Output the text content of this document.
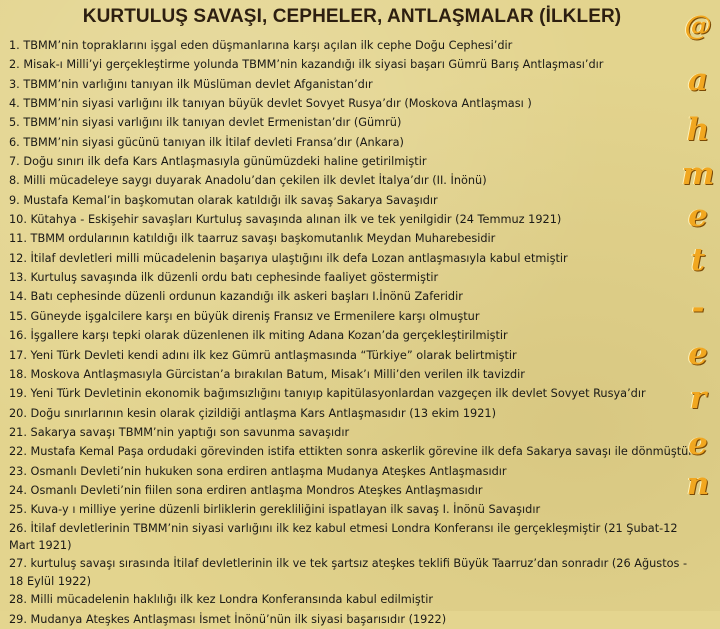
KURTULUŞ SAVAŞI, CEPHELER, ANTLAŞMALAR (İLKLER)
1. TBMM’nin topraklarını işgal eden düşmanlarına karşı açılan ilk cephe Doğu Cephesi’dir
2. Misak-ı Milli’yi gerçekleştirme yolunda TBMM’nin kazandığı ilk siyasi başarı Gümrü Barış Antlaşması’dır
3. TBMM’nin varlığını tanıyan ilk Müslüman devlet Afganistan’dır
4. TBMM’nin siyasi varlığını ilk tanıyan büyük devlet Sovyet Rusya’dır (Moskova Antlaşması )
5. TBMM’nin siyasi varlığını ilk tanıyan devlet Ermenistan’dır (Gümrü)
6. TBMM’nin siyasi gücünü tanıyan ilk İtilaf devleti Fransa’dır (Ankara)
7. Doğu sınırı ilk defa Kars Antlaşmasıyla günümüzdeki haline getirilmiştir
8. Milli mücadeleye saygı duyarak Anadolu’dan çekilen ilk devlet İtalya’dır (II. İnönü)
9. Mustafa Kemal’in başkomutan olarak katıldığı ilk savaş Sakarya Savaşıdır
10. Kütahya - Eskişehir savaşları Kurtuluş savaşında alınan ilk ve tek yenilgidir (24 Temmuz 1921)
11. TBMM ordularının katıldığı ilk taarruz savaşı başkomutanlık Meydan Muharebesidir
12. İtilaf devletleri milli mücadelenin başarıya ulaştığını ilk defa Lozan antlaşmasıyla kabul etmiştir
13. Kurtuluş savaşında ilk düzenli ordu batı cephesinde faaliyet göstermiştir
14. Batı cephesinde düzenli ordunun kazandığı ilk askeri başları I.İnönü Zaferidir
15. Güneyde işgalcilere karşı en büyük direniş Fransız ve Ermenilere karşı olmuştur
16. İşgallere karşı tepki olarak düzenlenen ilk miting Adana Kozan’da gerçekleştirilmiştir
17. Yeni Türk Devleti kendi adını ilk kez Gümrü antlaşmasında “Türkiye” olarak belirtmiştir
18. Moskova Antlaşmasıyla Gürcistan’a bırakılan Batum, Misak’ı Milli’den verilen ilk tavizdir
19. Yeni Türk Devletinin ekonomik bağımsızlığını tanıyıp kapitülasyonlardan vazgeçen ilk devlet Sovyet Rusya’dır
20. Doğu sınırlarının kesin olarak çizildiği antlaşma Kars Antlaşmasıdır (13 ekim 1921)
21. Sakarya savaşı TBMM’nin yaptığı son savunma savaşıdır
22. Mustafa Kemal Paşa ordudaki görevinden istifa ettikten sonra askerlik görevine ilk defa Sakarya savaşı ile dönmüştür
23. Osmanlı Devleti’nin hukuken sona erdiren antlaşma Mudanya Ateşkes Antlaşmasıdır
24. Osmanlı Devleti’nin fiilen sona erdiren antlaşma Mondros Ateşkes Antlaşmasıdır
25. Kuva-y ı milliye yerine düzenli birliklerin gerekliliğini ispatlayan ilk savaş I. İnönü Savaşıdır
26. İtilaf devletlerinin TBMM’nin siyasi varlığını ilk kez kabul etmesi Londra Konferansı ile gerçekleşmiştir (21 Şubat-12 Mart 1921)
27. kurtuluş savaşı sırasında İtilaf devletlerinin ilk ve tek şartsız ateşkes teklifi Büyük Taarruz’dan sonradır (26 Ağustos - 18 Eylül 1922)
28. Milli mücadelenin haklılığı ilk kez Londra Konferansında kabul edilmiştir
29. Mudanya Ateşkes Antlaşması İsmet İnönü’nün ilk siyasi başarısıdır (1922)
@
a
h
m
e
t
-
e
r
e
n
